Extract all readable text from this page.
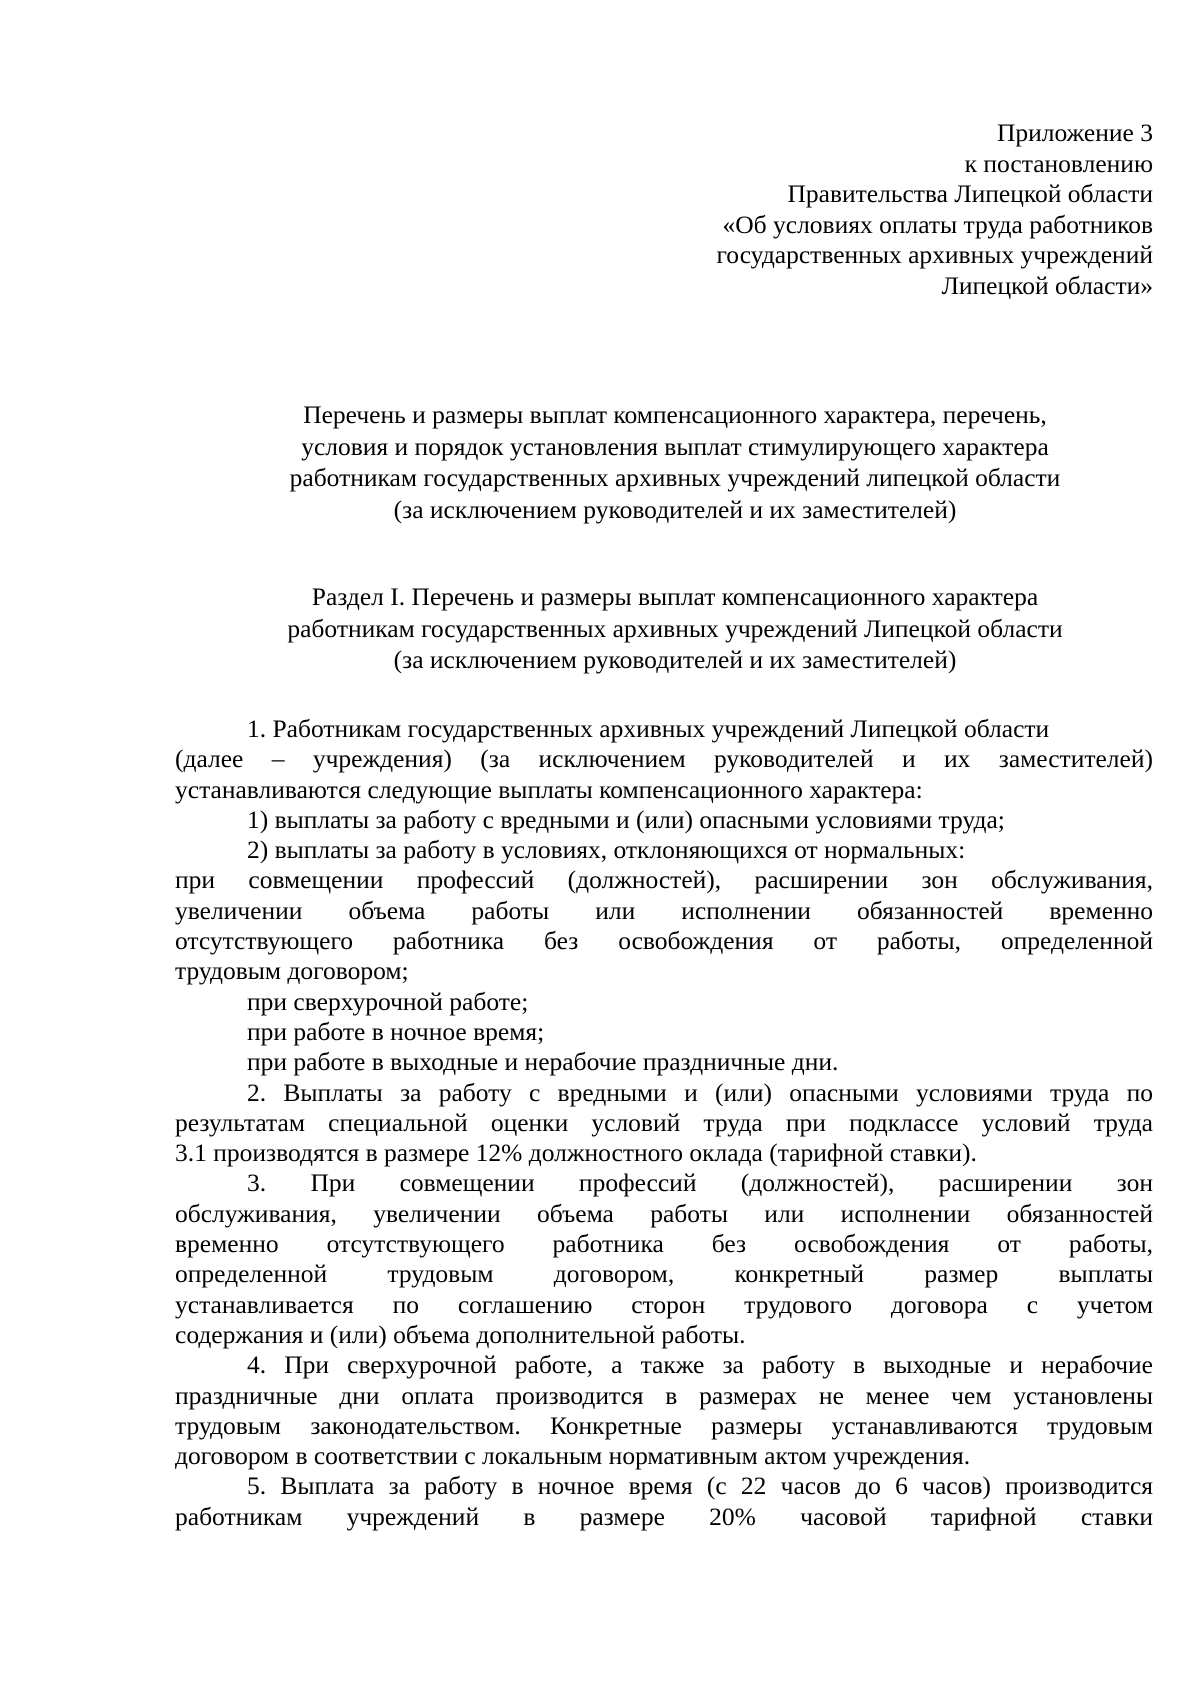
Приложение 3
к постановлению
Правительства Липецкой области
«Об условиях оплаты труда работников
государственных архивных учреждений
Липецкой области»
Перечень и размеры выплат компенсационного характера, перечень,
условия и порядок установления выплат стимулирующего характера
работникам государственных архивных учреждений липецкой области
(за исключением руководителей и их заместителей)
Раздел I. Перечень и размеры выплат компенсационного характера
работникам государственных архивных учреждений Липецкой области
(за исключением руководителей и их заместителей)
1. Работникам государственных архивных учреждений Липецкой области
(далее – учреждения) (за исключением руководителей и их заместителей)
устанавливаются следующие выплаты компенсационного характера:
1) выплаты за работу с вредными и (или) опасными условиями труда;
2) выплаты за работу в условиях, отклоняющихся от нормальных:
при совмещении профессий (должностей), расширении зон обслуживания,
увеличении объема работы или исполнении обязанностей временно
отсутствующего работника без освобождения от работы, определенной
трудовым договором;
при сверхурочной работе;
при работе в ночное время;
при работе в выходные и нерабочие праздничные дни.
2. Выплаты за работу с вредными и (или) опасными условиями труда по
результатам специальной оценки условий труда при подклассе условий труда
3.1 производятся в размере 12% должностного оклада (тарифной ставки).
3. При совмещении профессий (должностей), расширении зон
обслуживания, увеличении объема работы или исполнении обязанностей
временно отсутствующего работника без освобождения от работы,
определенной трудовым договором, конкретный размер выплаты
устанавливается по соглашению сторон трудового договора с учетом
содержания и (или) объема дополнительной работы.
4. При сверхурочной работе, а также за работу в выходные и нерабочие
праздничные дни оплата производится в размерах не менее чем установлены
трудовым законодательством. Конкретные размеры устанавливаются трудовым
договором в соответствии с локальным нормативным актом учреждения.
5. Выплата за работу в ночное время (с 22 часов до 6 часов) производится
работникам учреждений в размере 20% часовой тарифной ставки
